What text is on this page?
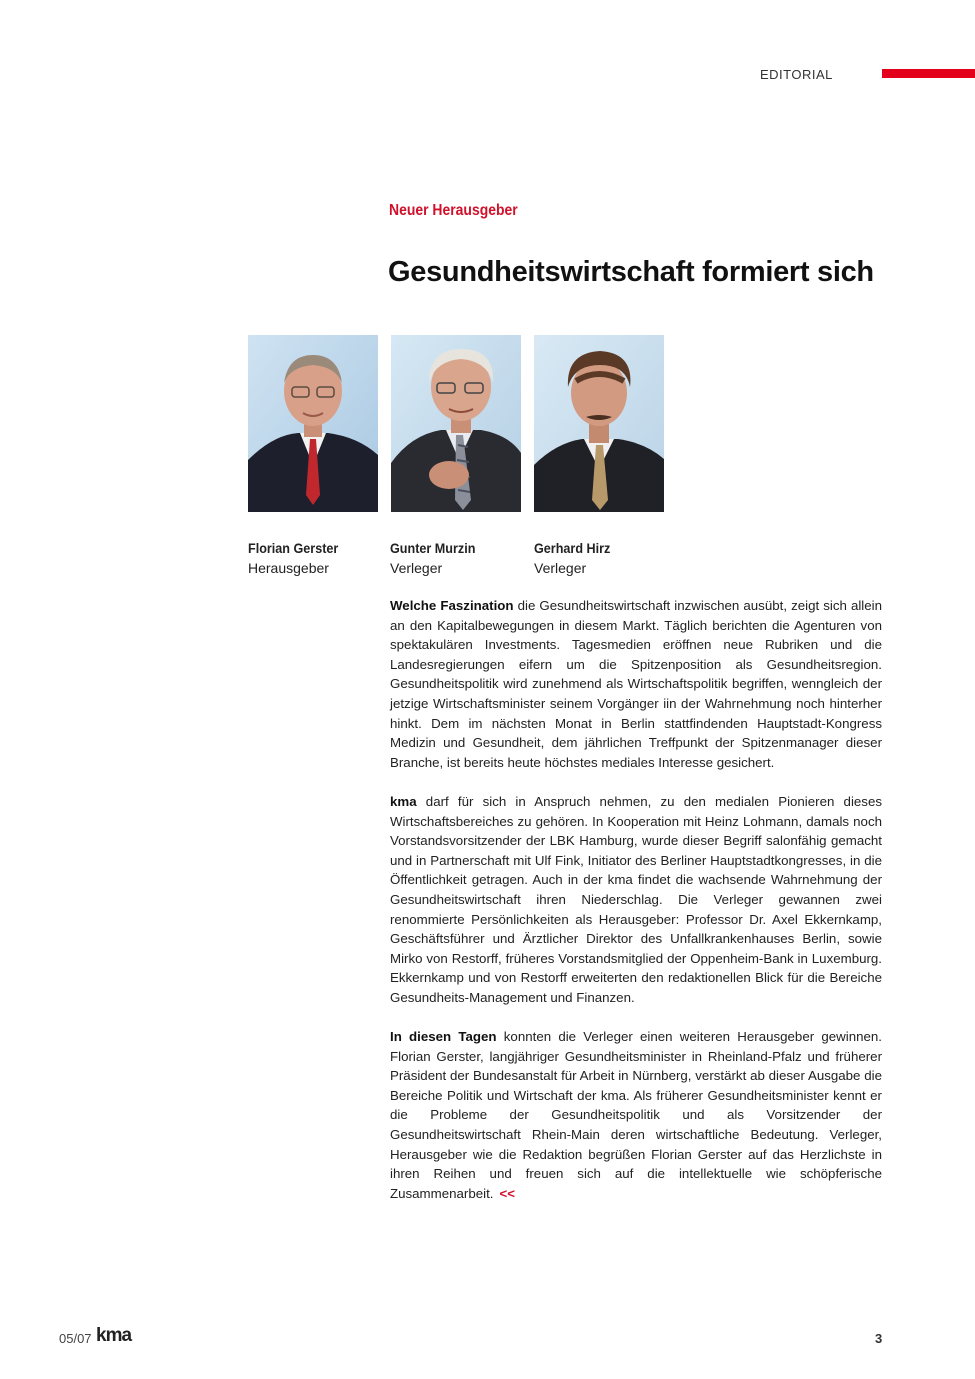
EDITORIAL
Neuer Herausgeber
Gesundheitswirtschaft formiert sich
Florian Gerster
Herausgeber
Gunter Murzin
Verleger
Gerhard Hirz
Verleger

Welche Faszination die Gesundheitswirtschaft inzwischen ausübt, zeigt sich allein an den Kapitalbewegungen in diesem Markt. Täglich berichten die Agenturen von spektakulären Investments. Tagesmedien eröffnen neue Rubriken und die Landesregierungen eifern um die Spitzenposition als Gesundheitsregion. Gesundheitspolitik wird zunehmend als Wirtschaftspolitik begriffen, wenngleich der jetzige Wirtschaftsminister seinem Vorgänger iin der Wahrnehmung noch hinterher hinkt. Dem im nächsten Monat in Berlin stattfindenden Hauptstadt-Kongress Medizin und Gesundheit, dem jährlichen Treffpunkt der Spitzenmanager dieser Branche, ist bereits heute höchstes mediales Interesse gesichert.

kma darf für sich in Anspruch nehmen, zu den medialen Pionieren dieses Wirtschaftsbereiches zu gehören. In Kooperation mit Heinz Lohmann, damals noch Vorstandsvorsitzender der LBK Hamburg, wurde dieser Begriff salonfähig gemacht und in Partnerschaft mit Ulf Fink, Initiator des Berliner Hauptstadtkongresses, in die Öffentlichkeit getragen. Auch in der kma findet die wachsende Wahrnehmung der Gesundheitswirtschaft ihren Niederschlag. Die Verleger gewannen zwei renommierte Persönlichkeiten als Herausgeber: Professor Dr. Axel Ekkernkamp, Geschäftsführer und Ärztlicher Direktor des Unfallkrankenhauses Berlin, sowie Mirko von Restorff, früheres Vorstandsmitglied der Oppenheim-Bank in Luxemburg. Ekkernkamp und von Restorff erweiterten den redaktionellen Blick für die Bereiche Gesundheits-Management und Finanzen.

In diesen Tagen konnten die Verleger einen weiteren Herausgeber gewinnen. Florian Gerster, langjähriger Gesundheitsminister in Rheinland-Pfalz und früherer Präsident der Bundesanstalt für Arbeit in Nürnberg, verstärkt ab dieser Ausgabe die Bereiche Politik und Wirtschaft der kma. Als früherer Gesundheitsminister kennt er die Probleme der Gesundheitspolitik und als Vorsitzender der Gesundheitswirtschaft Rhein-Main deren wirtschaftliche Bedeutung. Verleger, Herausgeber wie die Redaktion begrüßen Florian Gerster auf das Herzlichste in ihren Reihen und freuen sich auf die intellektuelle wie schöpferische Zusammenarbeit. <<

05/07 kma	3
